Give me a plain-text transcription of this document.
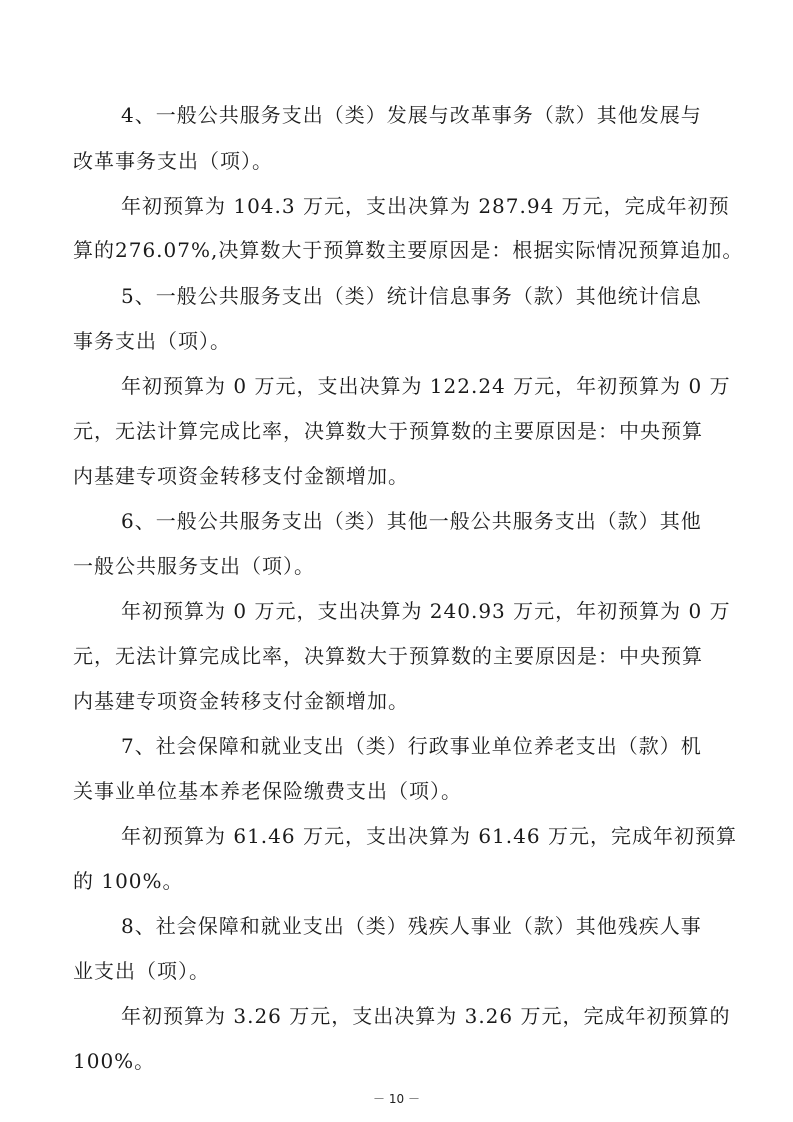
4、一般公共服务支出（类）发展与改革事务（款）其他发展与
改革事务支出（项）。
年初预算为 104.3 万元，支出决算为 287.94 万元，完成年初预
算的276.07%,决算数大于预算数主要原因是：根据实际情况预算追加。
5、一般公共服务支出（类）统计信息事务（款）其他统计信息
事务支出（项）。
年初预算为 0 万元，支出决算为 122.24 万元，年初预算为 0 万
元，无法计算完成比率，决算数大于预算数的主要原因是：中央预算
内基建专项资金转移支付金额增加。
6、一般公共服务支出（类）其他一般公共服务支出（款）其他
一般公共服务支出（项）。
年初预算为 0 万元，支出决算为 240.93 万元，年初预算为 0 万
元，无法计算完成比率，决算数大于预算数的主要原因是：中央预算
内基建专项资金转移支付金额增加。
7、社会保障和就业支出（类）行政事业单位养老支出（款）机
关事业单位基本养老保险缴费支出（项）。
年初预算为 61.46 万元，支出决算为 61.46 万元，完成年初预算
的 100%。
8、社会保障和就业支出（类）残疾人事业（款）其他残疾人事
业支出（项）。
年初预算为 3.26 万元，支出决算为 3.26 万元，完成年初预算的
100%。
－ 10 －
